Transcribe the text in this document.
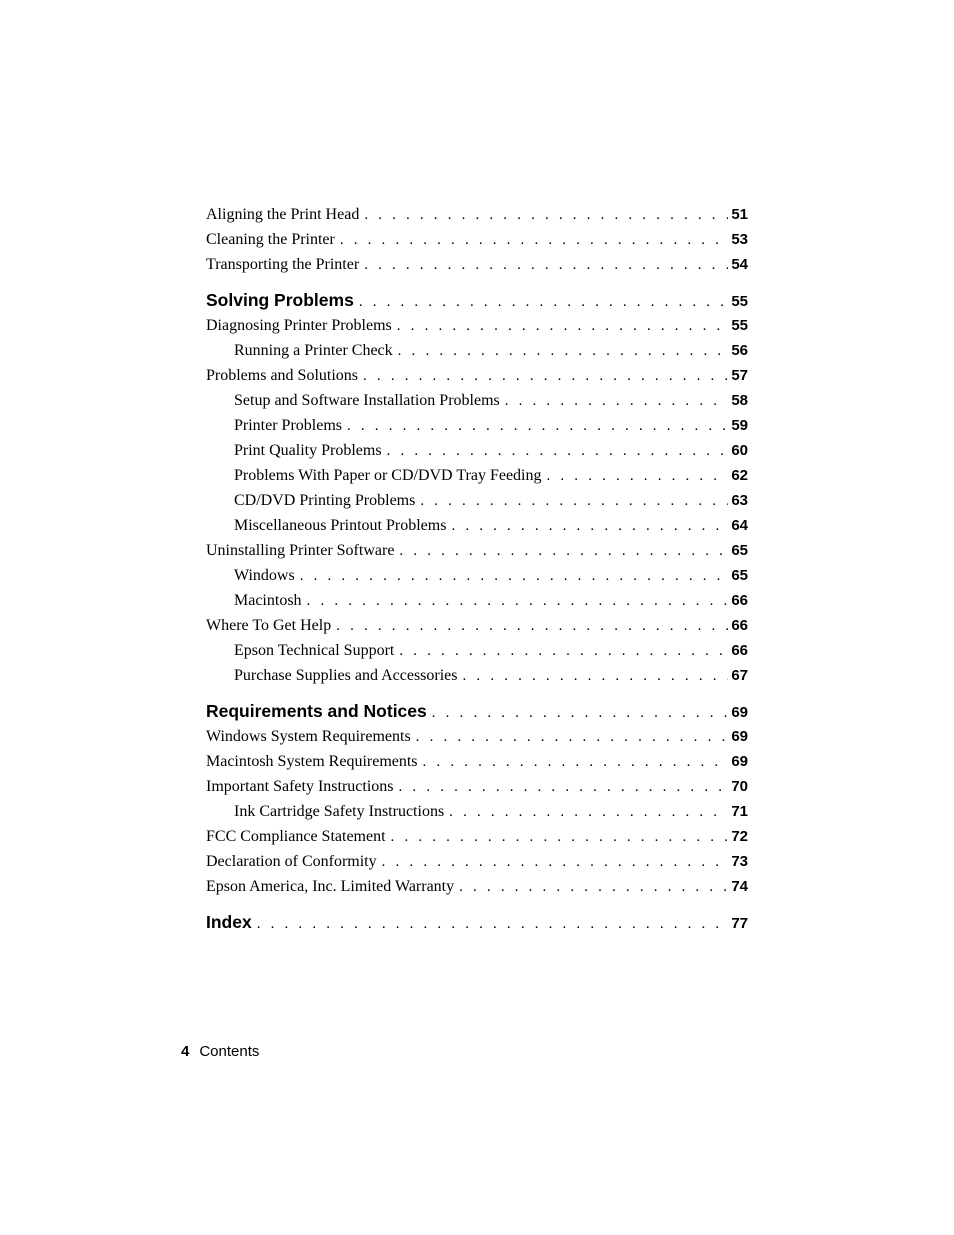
Aligning the Print Head . . .	51
Cleaning the Printer . . .	53
Transporting the Printer . . .	54
Solving Problems . . .	55
Diagnosing Printer Problems . . .	55
Running a Printer Check . . .	56
Problems and Solutions . . .	57
Setup and Software Installation Problems . . .	58
Printer Problems . . .	59
Print Quality Problems . . .	60
Problems With Paper or CD/DVD Tray Feeding . . .	62
CD/DVD Printing Problems . . .	63
Miscellaneous Printout Problems . . .	64
Uninstalling Printer Software . . .	65
Windows . . .	65
Macintosh . . .	66
Where To Get Help . . .	66
Epson Technical Support . . .	66
Purchase Supplies and Accessories . . .	67
Requirements and Notices . . .	69
Windows System Requirements . . .	69
Macintosh System Requirements . . .	69
Important Safety Instructions . . .	70
Ink Cartridge Safety Instructions . . .	71
FCC Compliance Statement . . .	72
Declaration of Conformity . . .	73
Epson America, Inc. Limited Warranty . . .	74
Index . . .	77
4 Contents
